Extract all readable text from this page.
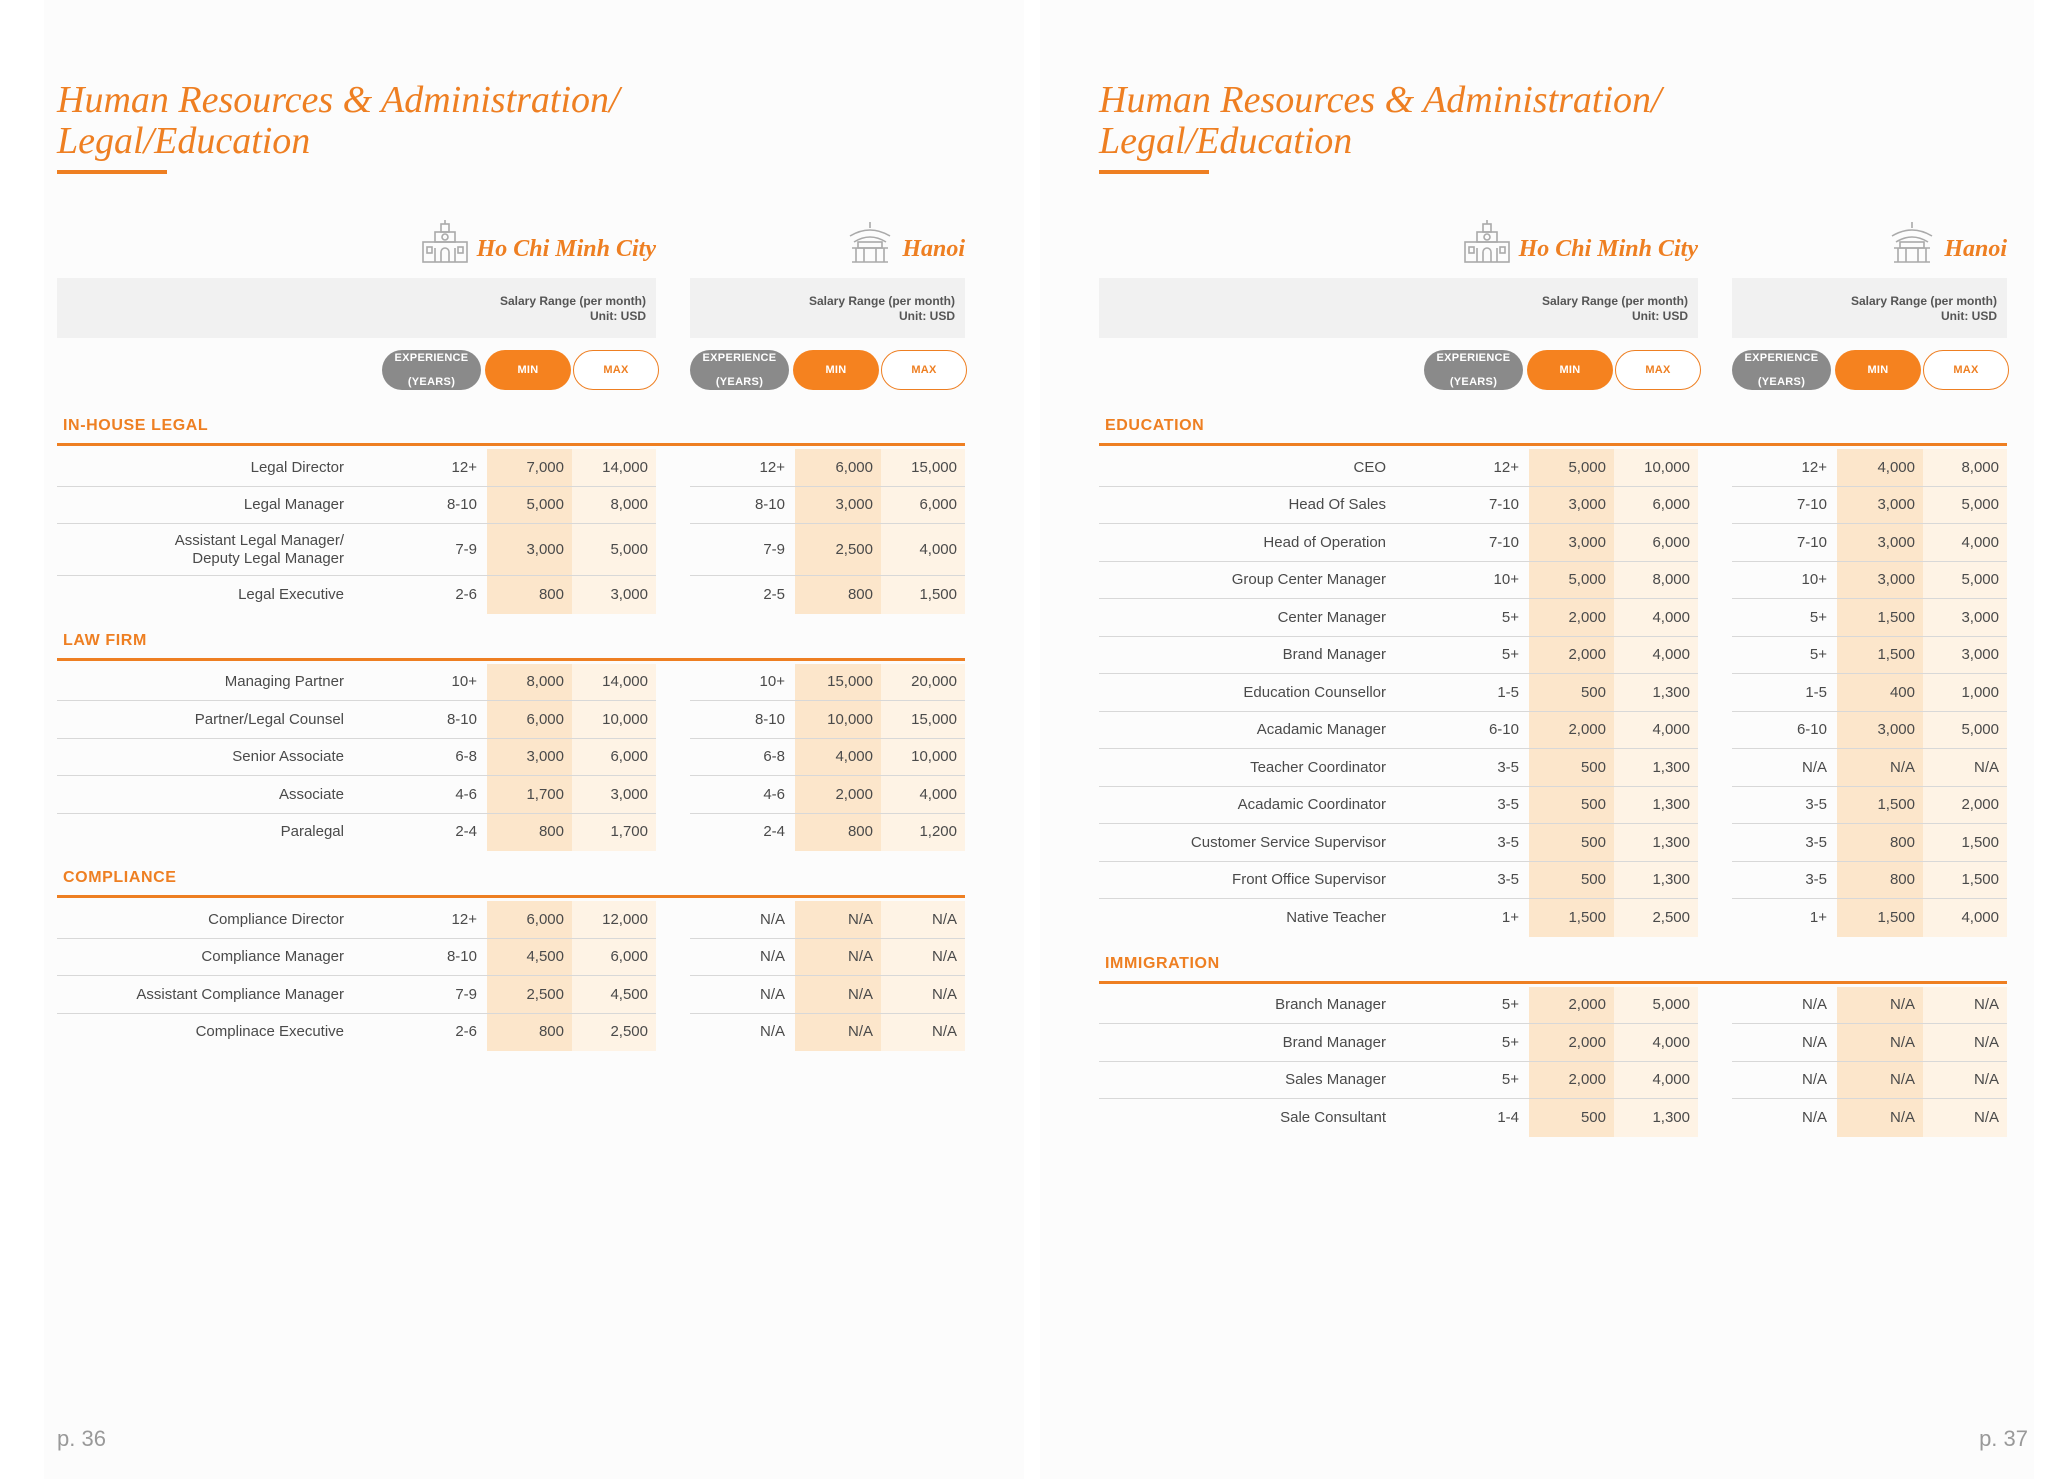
Human Resources & Administration/
Legal/Education
Ho Chi Minh City
Salary Range (per month)
Unit: USD
EXPERIENCE

(YEARS)
MIN	MAX
Hanoi
Salary Range (per month)
Unit: USD
EXPERIENCE

(YEARS)
MIN	MAX
IN-HOUSE LEGAL
Legal Director	12+	7,000	14,000	12+	6,000	15,000
Legal Manager	8-10	5,000	8,000	8-10	3,000	6,000
Assistant Legal Manager/
Deputy Legal Manager
7-9	3,000	5,000	7-9	2,500	4,000
Legal Executive	2-6	800	3,000	2-5	800	1,500
LAW FIRM
Managing Partner	10+	8,000	14,000	10+	15,000	20,000
Partner/Legal Counsel	8-10	6,000	10,000	8-10	10,000	15,000
Senior Associate	6-8	3,000	6,000	6-8	4,000	10,000
Associate	4-6	1,700	3,000	4-6	2,000	4,000
Paralegal	2-4	800	1,700	2-4	800	1,200
COMPLIANCE
Compliance Director	12+	6,000	12,000	N/A	N/A	N/A
Compliance Manager	8-10	4,500	6,000	N/A	N/A	N/A
Assistant Compliance Manager	7-9	2,500	4,500	N/A	N/A	N/A
Complinace Executive	2-6	800	2,500	N/A	N/A	N/A
p. 36
Human Resources & Administration/
Legal/Education
Ho Chi Minh City
Salary Range (per month)
Unit: USD
EXPERIENCE

(YEARS)
MIN	MAX
Hanoi
Salary Range (per month)
Unit: USD
EXPERIENCE

(YEARS)
MIN	MAX
EDUCATION
CEO	12+	5,000	10,000	12+	4,000	8,000
Head Of Sales	7-10	3,000	6,000	7-10	3,000	5,000
Head of Operation	7-10	3,000	6,000	7-10	3,000	4,000
Group Center Manager	10+	5,000	8,000	10+	3,000	5,000
Center Manager	5+	2,000	4,000	5+	1,500	3,000
Brand Manager	5+	2,000	4,000	5+	1,500	3,000
Education Counsellor	1-5	500	1,300	1-5	400	1,000
Acadamic Manager	6-10	2,000	4,000	6-10	3,000	5,000
Teacher Coordinator	3-5	500	1,300	N/A	N/A	N/A
Acadamic Coordinator	3-5	500	1,300	3-5	1,500	2,000
Customer Service Supervisor	3-5	500	1,300	3-5	800	1,500
Front Office Supervisor	3-5	500	1,300	3-5	800	1,500
Native Teacher	1+	1,500	2,500	1+	1,500	4,000
IMMIGRATION
Branch Manager	5+	2,000	5,000	N/A	N/A	N/A
Brand Manager	5+	2,000	4,000	N/A	N/A	N/A
Sales Manager	5+	2,000	4,000	N/A	N/A	N/A
Sale Consultant	1-4	500	1,300	N/A	N/A	N/A
p. 37
